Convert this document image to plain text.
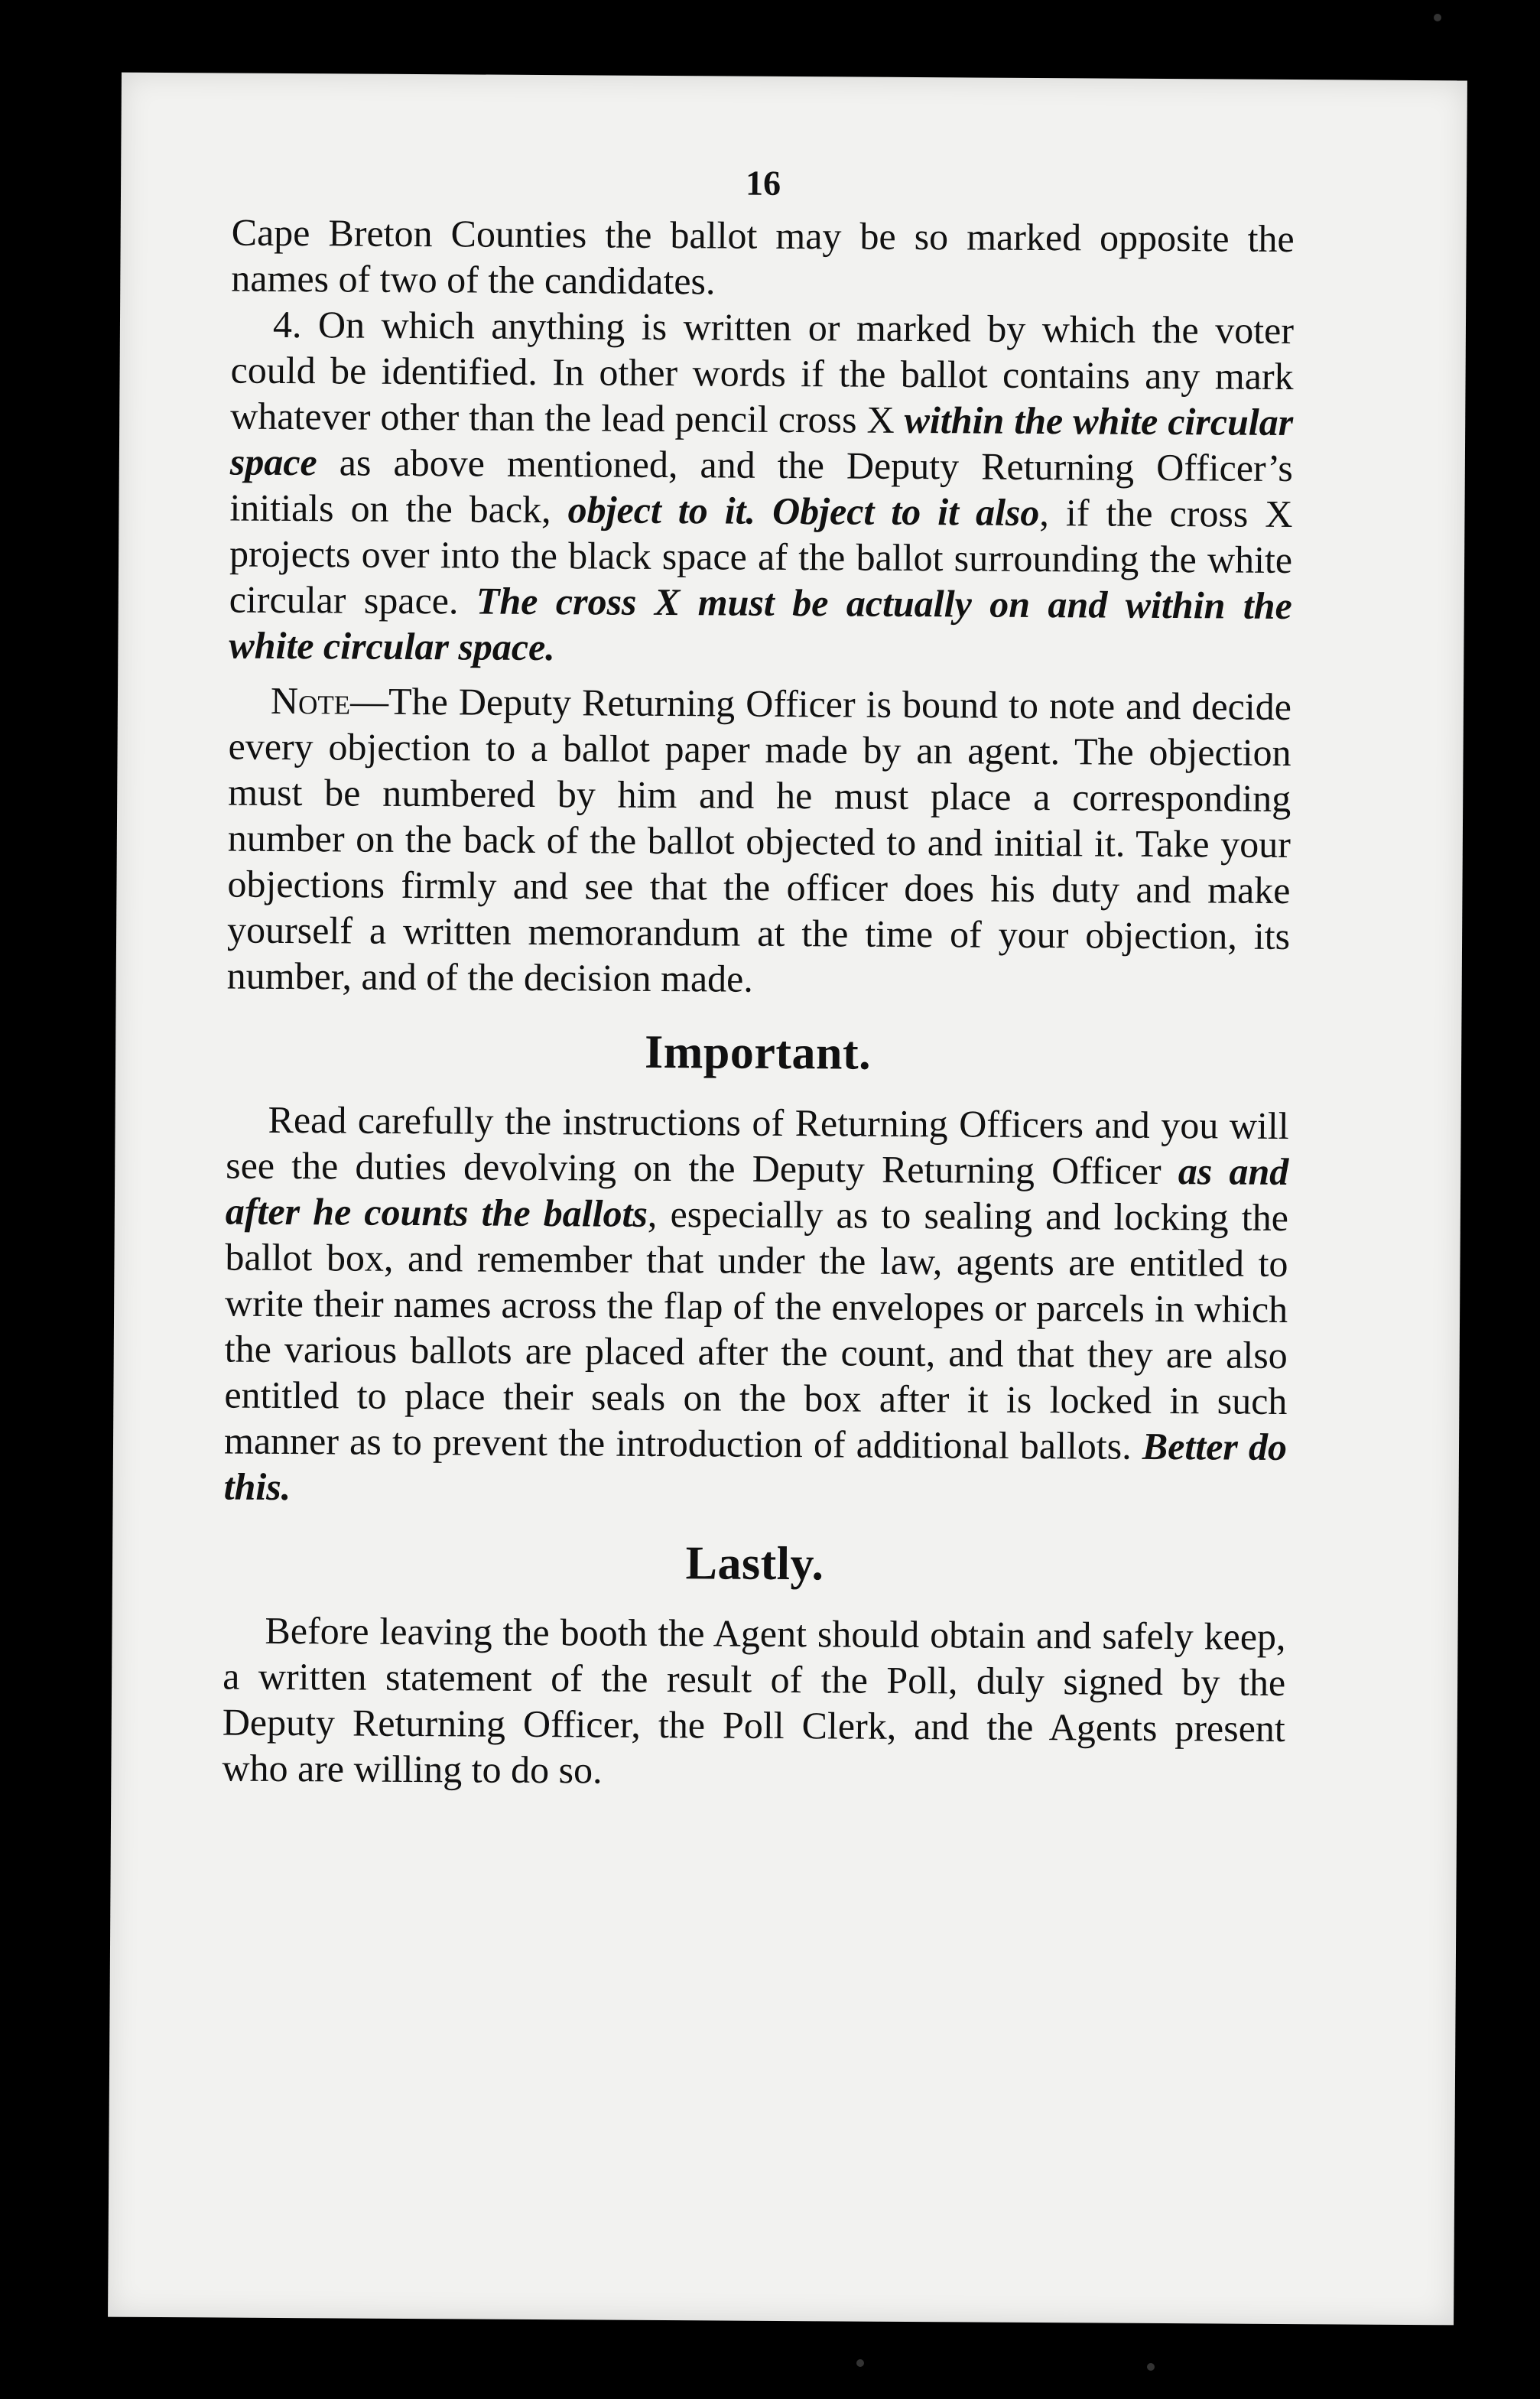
16

Cape Breton Counties the ballot may be so marked opposite the names of two of the candidates.

4. On which anything is written or marked by which the voter could be identified. In other words if the ballot contains any mark whatever other than the lead pencil cross X within the white circular space as above mentioned, and the Deputy Returning Officer’s initials on the back, object to it. Object to it also, if the cross X projects over into the black space af the ballot surrounding the white circular space. The cross X must be actually on and within the white circular space.

Note—The Deputy Returning Officer is bound to note and decide every objection to a ballot paper made by an agent. The objection must be numbered by him and he must place a corresponding number on the back of the ballot objected to and initial it. Take your objections firmly and see that the officer does his duty and make yourself a written memorandum at the time of your objection, its number, and of the decision made.

Important.

Read carefully the instructions of Returning Officers and you will see the duties devolving on the Deputy Returning Officer as and after he counts the ballots, especially as to sealing and locking the ballot box, and remember that under the law, agents are entitled to write their names across the flap of the envelopes or parcels in which the various ballots are placed after the count, and that they are also entitled to place their seals on the box after it is locked in such manner as to prevent the introduction of additional ballots. Better do this.

Lastly.

Before leaving the booth the Agent should obtain and safely keep, a written statement of the result of the Poll, duly signed by the Deputy Returning Officer, the Poll Clerk, and the Agents present who are willing to do so.
